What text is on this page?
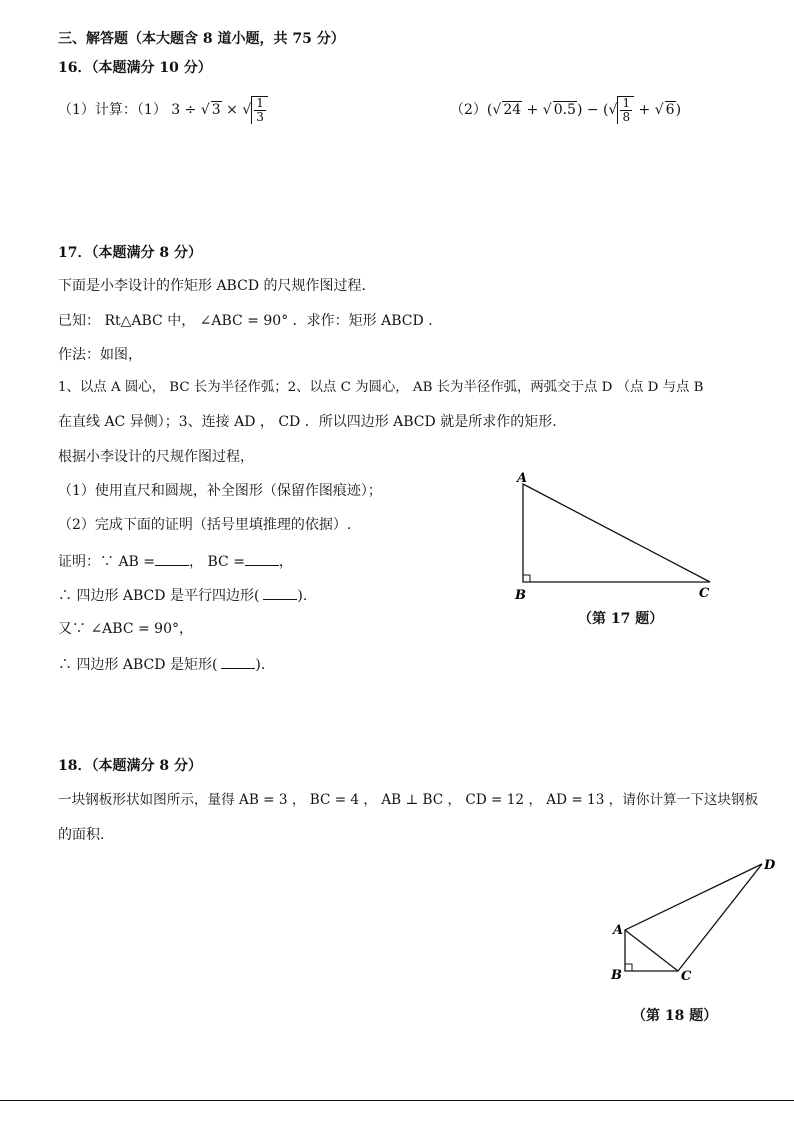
三、解答题（本大题含 8 道小题，共 75 分）
16．（本题满分 10 分）
（1）计算：（1） 3 ÷ √ 3 × √ $\frac{1}{3}$	（2）(√ 24 + √ 0.5) − (√ $\frac{1}{8}$ + √ 6)
17．（本题满分 8 分）
下面是小李设计的作矩形 ABCD 的尺规作图过程.
已知： Rt△ABC 中， ∠ABC = 90° ．求作：矩形 ABCD .
作法：如图，
1、以点 A 圆心， BC 长为半径作弧；2、以点 C 为圆心， AB 长为半径作弧，两弧交于点 D （点 D 与点 B
在直线 AC 异侧）；3、连接 AD ， CD ．所以四边形 ABCD 就是所求作的矩形.
根据小李设计的尺规作图过程，
（1）使用直尺和圆规，补全图形（保留作图痕迹）；
（2）完成下面的证明（括号里填推理的依据）.
证明：∵ AB = ， BC = ，
∴ 四边形 ABCD 是平行四边形(	).
又∵ ∠ABC = 90°，
∴ 四边形 ABCD 是矩形(	).
A
B	C
（第 17 题）
18．（本题满分 8 分）
一块钢板形状如图所示，量得 AB = 3 ， BC = 4 ， AB ⊥ BC ， CD = 12 ， AD = 13 ，请你计算一下这块钢板
的面积.
A
B	C
D
（第 18 题）
